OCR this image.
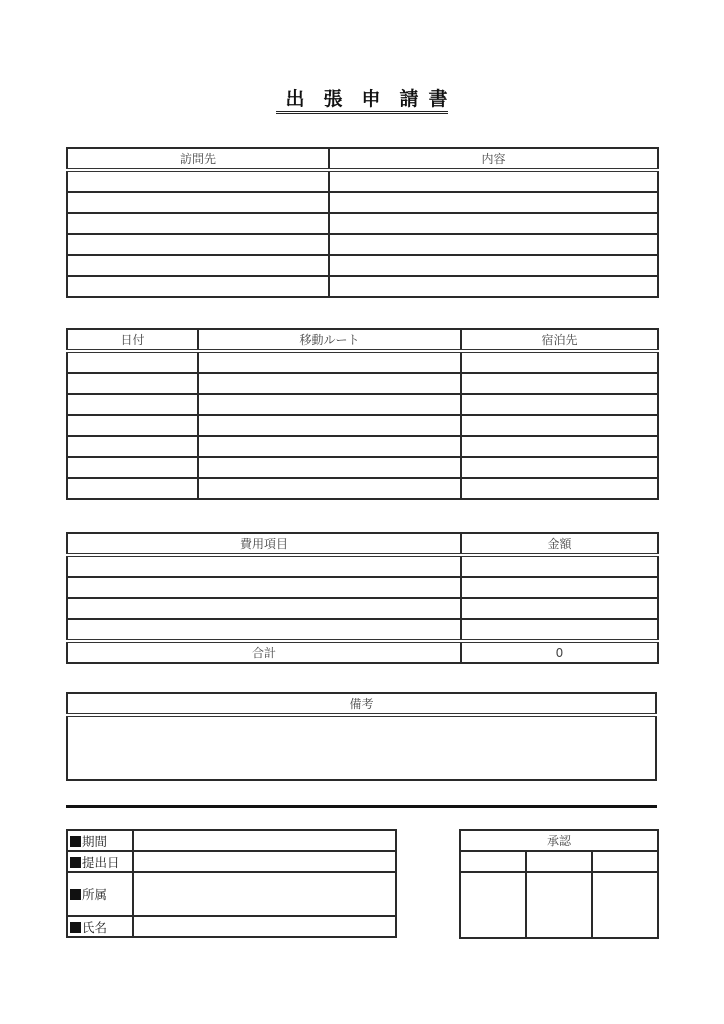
出 張 申 請 書
訪問先	内容

日付	移動ルート	宿泊先

費用項目	金額

合計	0
備考

期間	
提出日	
所属	
氏名	
承認		
